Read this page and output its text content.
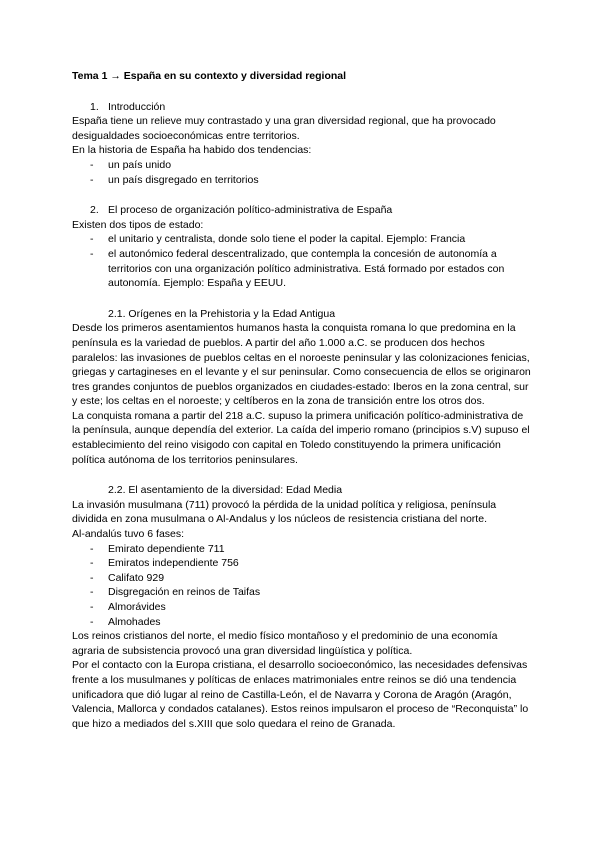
Tema 1 → España en su contexto y diversidad regional

1. Introducción

España tiene un relieve muy contrastado y una gran diversidad regional, que ha provocado desigualdades socioeconómicas entre territorios.

En la historia de España ha habido dos tendencias:

- un país unido
- un país disgregado en territorios

2. El proceso de organización político-administrativa de España

Existen dos tipos de estado:

- el unitario y centralista, donde solo tiene el poder la capital. Ejemplo: Francia
- el autonómico federal descentralizado, que contempla la concesión de autonomía a territorios con una organización político administrativa. Está formado por estados con autonomía. Ejemplo: España y EEUU.

2.1. Orígenes en la Prehistoria y la Edad Antigua

Desde los primeros asentamientos humanos hasta la conquista romana lo que predomina en la península es la variedad de pueblos. A partir del año 1.000 a.C. se producen dos hechos paralelos: las invasiones de pueblos celtas en el noroeste peninsular y las colonizaciones fenicias, griegas y cartagineses en el levante y el sur peninsular. Como consecuencia de ellos se originaron tres grandes conjuntos de pueblos organizados en ciudades-estado: Iberos en la zona central, sur y este; los celtas en el noroeste; y celtíberos en la zona de transición entre los otros dos.

La conquista romana a partir del 218 a.C. supuso la primera unificación político-administrativa de la península, aunque dependía del exterior. La caída del imperio romano (principios s.V) supuso el establecimiento del reino visigodo con capital en Toledo constituyendo la primera unificación política autónoma de los territorios peninsulares.

2.2. El asentamiento de la diversidad: Edad Media

La invasión musulmana (711) provocó la pérdida de la unidad política y religiosa, península dividida en zona musulmana o Al-Andalus y los núcleos de resistencia cristiana del norte.

Al-andalús tuvo 6 fases:

- Emirato dependiente 711
- Emiratos independiente 756
- Califato 929
- Disgregación en reinos de Taifas
- Almorávides
- Almohades

Los reinos cristianos del norte, el medio físico montañoso y el predominio de una economía agraria de subsistencia provocó una gran diversidad lingüística y política.

Por el contacto con la Europa cristiana, el desarrollo socioeconómico, las necesidades defensivas frente a los musulmanes y políticas de enlaces matrimoniales entre reinos se dió una tendencia unificadora que dió lugar al reino de Castilla-León, el de Navarra y Corona de Aragón (Aragón, Valencia, Mallorca y condados catalanes). Estos reinos impulsaron el proceso de “Reconquista” lo que hizo a mediados del s.XIII que solo quedara el reino de Granada.
